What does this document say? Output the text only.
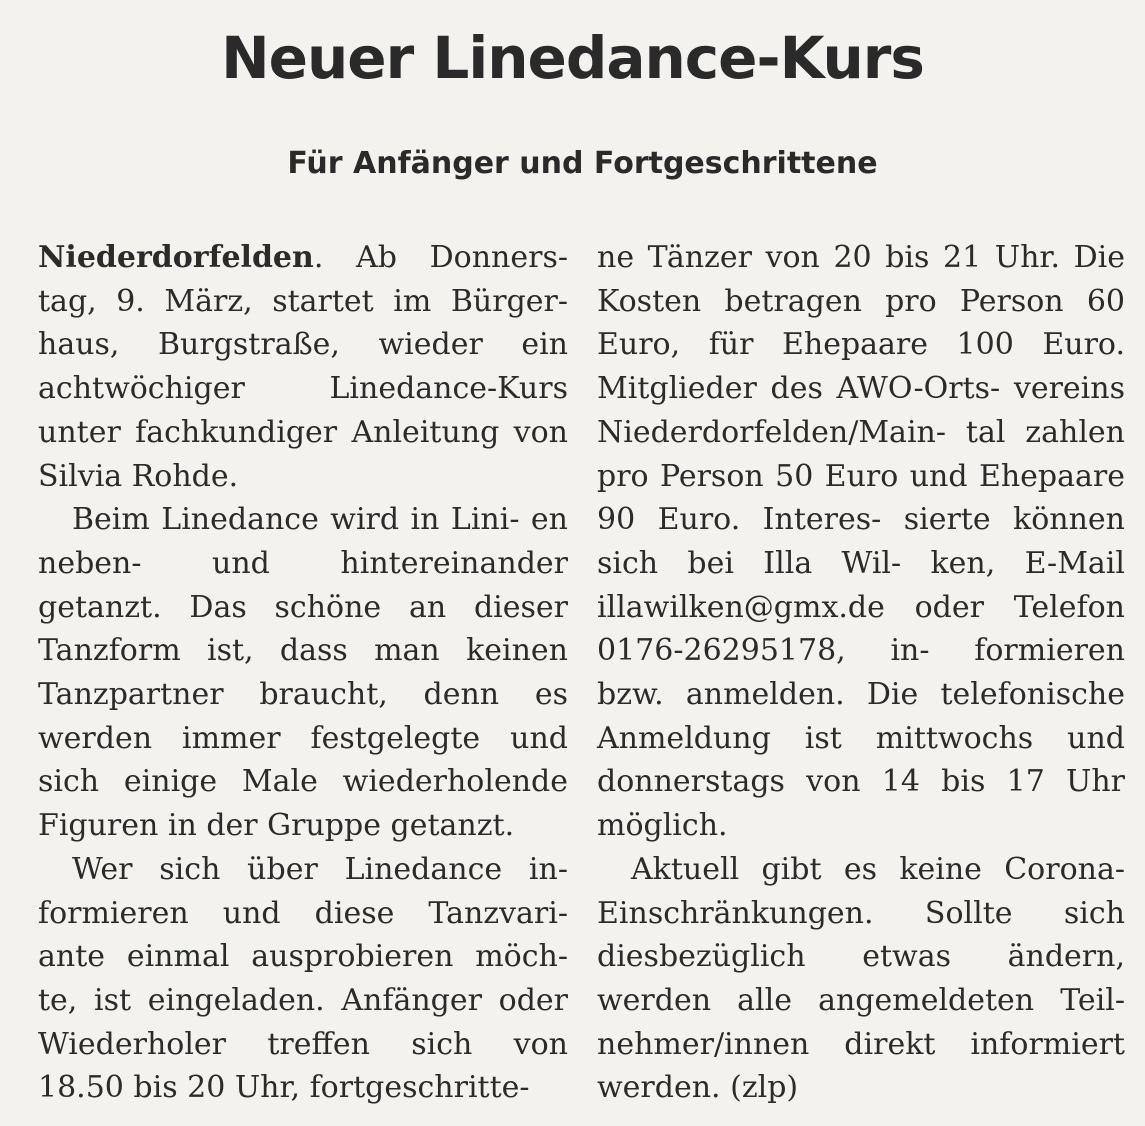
Neuer Linedance-Kurs
Für Anfänger und Fortgeschrittene

Niederdorfelden. Ab Donners- tag, 9. März, startet im Bürger- haus, Burgstraße, wieder ein achtwöchiger Linedance-Kurs unter fachkundiger Anleitung von Silvia Rohde.

Beim Linedance wird in Lini- en neben- und hintereinander getanzt. Das schöne an dieser Tanzform ist, dass man keinen Tanzpartner braucht, denn es werden immer festgelegte und sich einige Male wiederholende Figuren in der Gruppe getanzt.

Wer sich über Linedance in- formieren und diese Tanzvari- ante einmal ausprobieren möch- te, ist eingeladen. Anfänger oder Wiederholer treffen sich von 18.50 bis 20 Uhr, fortgeschritte-

ne Tänzer von 20 bis 21 Uhr. Die Kosten betragen pro Person 60 Euro, für Ehepaare 100 Euro. Mitglieder des AWO-Orts- vereins Niederdorfelden/Main- tal zahlen pro Person 50 Euro und Ehepaare 90 Euro. Interes- sierte können sich bei Illa Wil- ken, E-Mail illawilken@gmx.de oder Telefon 0176-26295178, in- formieren bzw. anmelden. Die telefonische Anmeldung ist mittwochs und donnerstags von 14 bis 17 Uhr möglich.

Aktuell gibt es keine Corona- Einschränkungen. Sollte sich diesbezüglich etwas ändern, werden alle angemeldeten Teil- nehmer/innen direkt informiert werden. (zlp)
